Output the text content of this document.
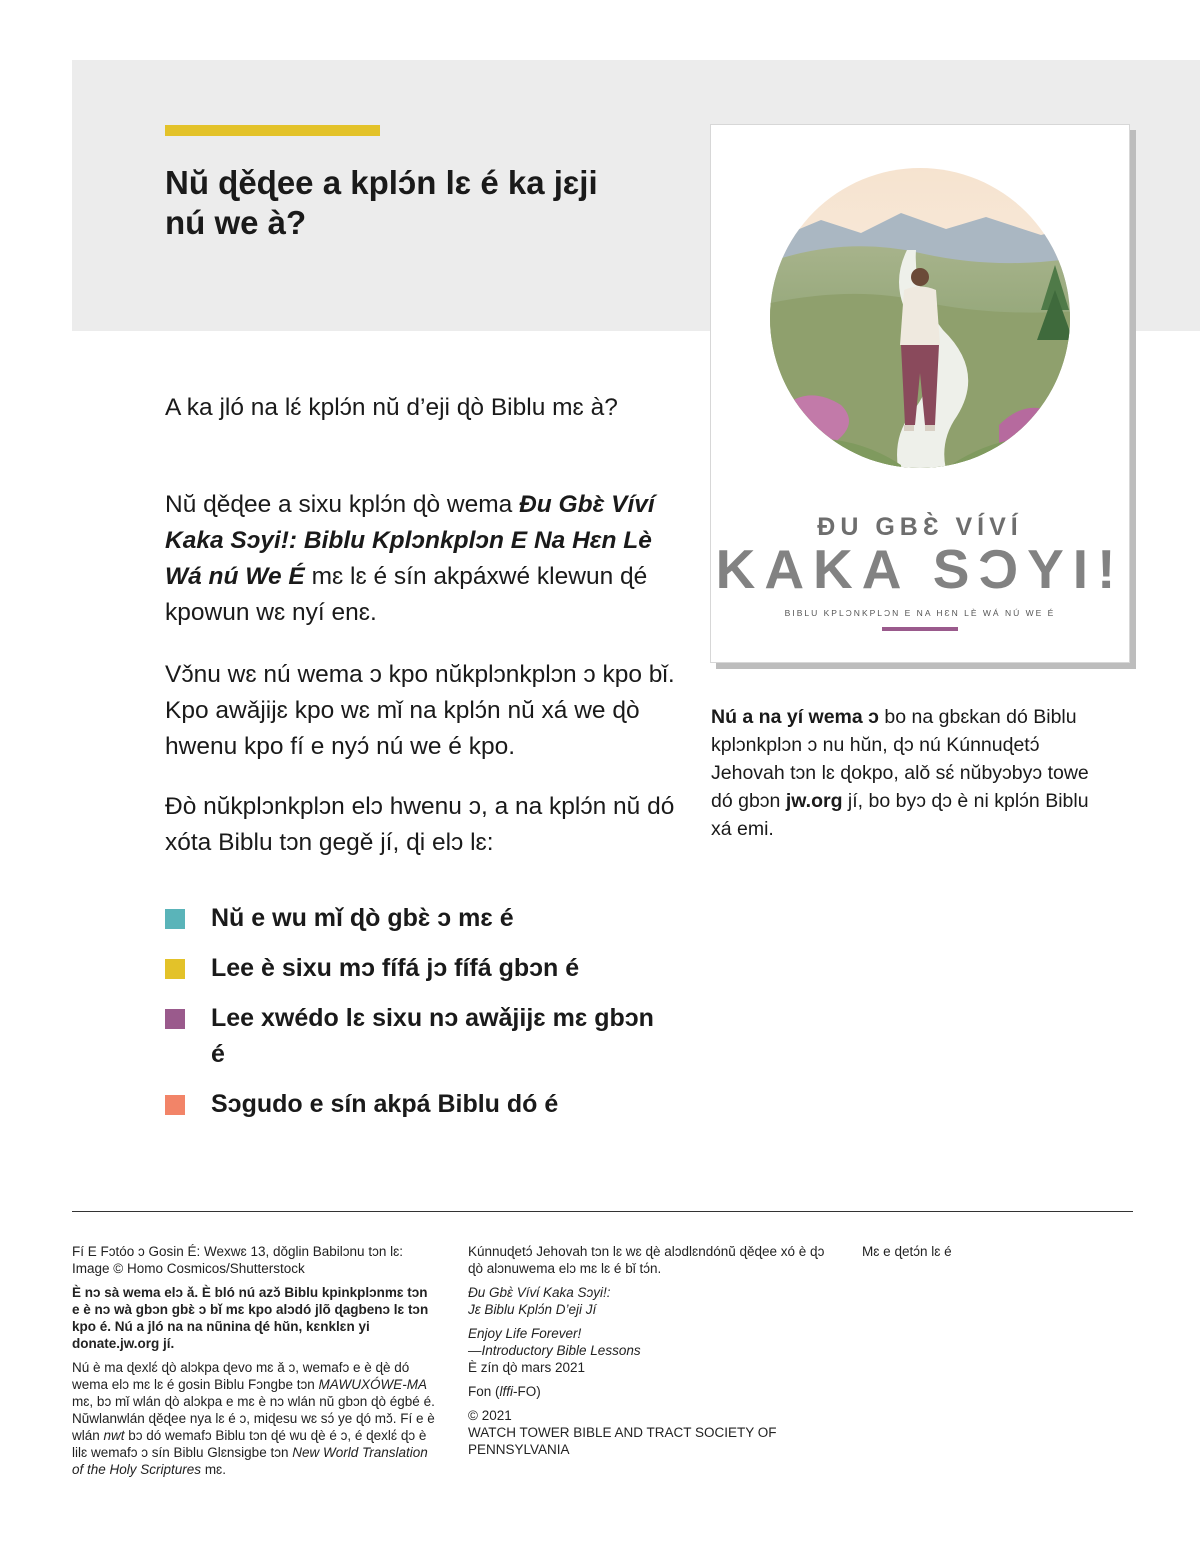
Nŭ ɖěɖee a kplɔ́n lɛ é ka jɛji nú we à?

A ka jló na lɛ́ kplɔ́n nŭ d’eji ɖò Biblu mɛ à?

Nŭ ɖěɖee a sixu kplɔ́n ɖò wema Ɖu Gbɛ̀ Víví Kaka Sɔyi!: Biblu Kplɔnkplɔn E Na Hɛn Lè Wá nú We É mɛ lɛ é sín akpáxwé klewun ɖé kpowun wɛ nyí enɛ.

Vɔ̌nu wɛ nú wema ɔ kpo nŭkplɔnkplɔn ɔ kpo bǐ. Kpo awǎjijɛ kpo wɛ mǐ na kplɔ́n nŭ xá we ɖò hwenu kpo fí e nyɔ́ nú we é kpo.

Ɖò nŭkplɔnkplɔn elɔ hwenu ɔ, a na kplɔ́n nŭ dó xóta Biblu tɔn gegě jí, ɖi elɔ lɛ:

Nŭ e wu mǐ ɖò gbɛ̀ ɔ mɛ é
Lee è sixu mɔ fífá jɔ fífá gbɔn é
Lee xwédo lɛ sixu nɔ awǎjijɛ mɛ gbɔn é
Sɔgudo e sín akpá Biblu dó é
ƉU GBƐ̀ VÍVÍ
KAKA SƆYI!
BIBLU KPLƆNKPLƆN E NA HƐN LÈ WÁ NÚ WE É

Nú a na yí wema ɔ bo na gbɛkan dó Biblu kplɔnkplɔn ɔ nu hŭn, ɖɔ nú Kúnnuɖetɔ́ Jehovah tɔn lɛ ɖokpo, alǒ sɛ́ nŭbyɔbyɔ towe dó gbɔn jw.org jí, bo byɔ ɖɔ è ni kplɔ́n Biblu xá emi.

Fí E Fɔtóo ɔ Gosin É: Wexwɛ 13, dǒglin Babilɔnu tɔn lɛ: Image © Homo Cosmicos/Shutterstock

È nɔ sà wema elɔ ǎ. È bló nú azɔ̌ Biblu kpinkplɔnmɛ tɔn e è nɔ wà gbɔn gbɛ̀ ɔ bǐ mɛ kpo alɔdó jlõ ɖagbenɔ lɛ tɔn kpo é. Nú a jló na na nũnina ɖé hŭn, kɛnklɛn yi donate.jw.org jí.

Nú è ma ɖexlɛ́ ɖò alɔkpa ɖevo mɛ ǎ ɔ, wemafɔ e è ɖè dó wema elɔ mɛ lɛ é gosin Biblu Fɔngbe tɔn MAWUXÓWE-MA mɛ, bɔ mǐ wlán ɖò alɔkpa e mɛ è nɔ wlán nŭ gbɔn ɖò égbé é. Nŭwlanwlán ɖěɖee nya lɛ é ɔ, miɖesu wɛ sɔ́ ye ɖó mɔ̌. Fí e è wlán nwt bɔ dó wemafɔ Biblu tɔn ɖé wu ɖè é ɔ, é ɖexlɛ́ ɖɔ è lilɛ wemafɔ ɔ sín Biblu Glɛnsigbe tɔn New World Translation of the Holy Scriptures mɛ.

Kúnnuɖetɔ́ Jehovah tɔn lɛ wɛ ɖè alɔdlɛndónŭ ɖěɖee xó è ɖɔ ɖò alɔnuwema elɔ mɛ lɛ é bǐ tɔ́n.

Ɖu Gbɛ̀ Vívί Kaka Sɔyi!:
Jɛ Biblu Kplɔ́n D’eji Jí

Enjoy Life Forever!
—Introductory Bible Lessons
È zín ɖò mars 2021

Fon (lffi-FO)

© 2021
WATCH TOWER BIBLE AND TRACT SOCIETY OF PENNSYLVANIA

Mɛ e ɖetɔ́n lɛ é
